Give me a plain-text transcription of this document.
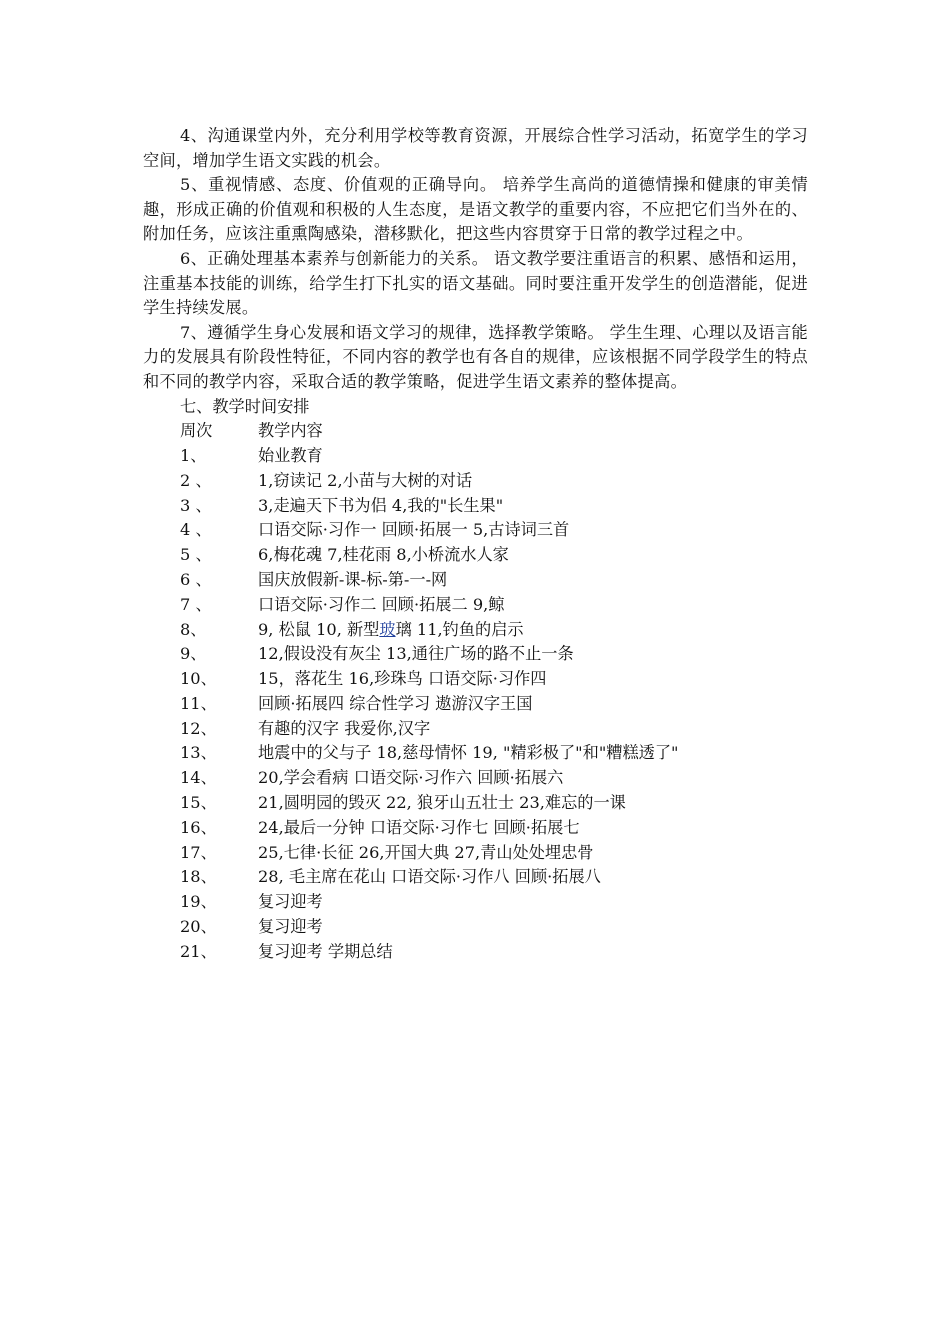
4、沟通课堂内外，充分利用学校等教育资源，开展综合性学习活动，拓宽学生的学习空间，增加学生语文实践的机会。

5、重视情感、态度、价值观的正确导向。 培养学生高尚的道德情操和健康的审美情趣，形成正确的价值观和积极的人生态度，是语文教学的重要内容，不应把它们当外在的、附加任务，应该注重熏陶感染，潜移默化，把这些内容贯穿于日常的教学过程之中。

6、正确处理基本素养与创新能力的关系。 语文教学要注重语言的积累、感悟和运用，注重基本技能的训练，给学生打下扎实的语文基础。同时要注重开发学生的创造潜能，促进学生持续发展。

7、遵循学生身心发展和语文学习的规律，选择教学策略。 学生生理、心理以及语言能力的发展具有阶段性特征，不同内容的教学也有各自的规律，应该根据不同学段学生的特点和不同的教学内容，采取合适的教学策略，促进学生语文素养的整体提高。

七、教学时间安排

周次	教学内容
1、	始业教育
2 、	1,窃读记 2,小苗与大树的对话
3 、	3,走遍天下书为侣 4,我的"长生果"
4 、	口语交际·习作一 回顾·拓展一 5,古诗词三首
5 、	6,梅花魂 7,桂花雨 8,小桥流水人家
6 、	国庆放假新-课-标-第-一-网
7 、	口语交际·习作二 回顾·拓展二 9,鲸
8、	9, 松鼠 10, 新型玻璃 11,钓鱼的启示
9、	12,假设没有灰尘 13,通往广场的路不止一条
10、	15，落花生 16,珍珠鸟 口语交际·习作四
11、	回顾·拓展四 综合性学习 遨游汉字王国
12、	有趣的汉字 我爱你,汉字
13、	地震中的父与子 18,慈母情怀 19, "精彩极了"和"糟糕透了"
14、	20,学会看病 口语交际·习作六 回顾·拓展六
15、	21,圆明园的毁灭 22, 狼牙山五壮士 23,难忘的一课
16、	24,最后一分钟 口语交际·习作七 回顾·拓展七
17、	25,七律·长征 26,开国大典 27,青山处处埋忠骨
18、	28, 毛主席在花山 口语交际·习作八 回顾·拓展八
19、	复习迎考
20、	复习迎考
21、	复习迎考 学期总结
